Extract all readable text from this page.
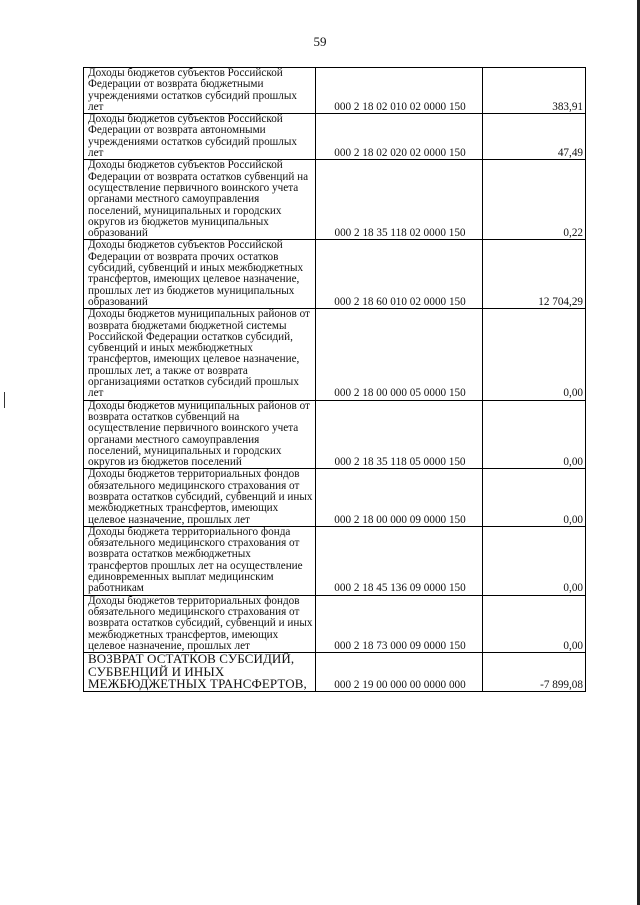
59
Доходы бюджетов субъектов Российской Федерации от возврата бюджетными учреждениями остатков субсидий прошлых лет	000 2 18 02 010 02 0000 150	383,91
Доходы бюджетов субъектов Российской Федерации от возврата автономными учреждениями остатков субсидий прошлых лет	000 2 18 02 020 02 0000 150	47,49
Доходы бюджетов субъектов Российской Федерации от возврата остатков субвенций на осуществление первичного воинского учета органами местного самоуправления поселений, муниципальных и городских округов из бюджетов муниципальных образований	000 2 18 35 118 02 0000 150	0,22
Доходы бюджетов субъектов Российской Федерации от возврата прочих остатков субсидий, субвенций и иных межбюджетных трансфертов, имеющих целевое назначение, прошлых лет из бюджетов муниципальных образований	000 2 18 60 010 02 0000 150	12 704,29
Доходы бюджетов муниципальных районов от возврата бюджетами бюджетной системы Российской Федерации остатков субсидий, субвенций и иных межбюджетных трансфертов, имеющих целевое назначение, прошлых лет, а также от возврата организациями остатков субсидий прошлых лет	000 2 18 00 000 05 0000 150	0,00
Доходы бюджетов муниципальных районов от возврата остатков субвенций на осуществление первичного воинского учета органами местного самоуправления поселений, муниципальных и городских округов из бюджетов поселений	000 2 18 35 118 05 0000 150	0,00
Доходы бюджетов территориальных фондов обязательного медицинского страхования от возврата остатков субсидий, субвенций и иных межбюджетных трансфертов, имеющих целевое назначение, прошлых лет	000 2 18 00 000 09 0000 150	0,00
Доходы бюджета территориального фонда обязательного медицинского страхования от возврата остатков межбюджетных трансфертов прошлых лет на осуществление единовременных выплат медицинским работникам	000 2 18 45 136 09 0000 150	0,00
Доходы бюджетов территориальных фондов обязательного медицинского страхования от возврата остатков субсидий, субвенций и иных межбюджетных трансфертов, имеющих целевое назначение, прошлых лет	000 2 18 73 000 09 0000 150	0,00
ВОЗВРАТ ОСТАТКОВ СУБСИДИЙ, СУБВЕНЦИЙ И ИНЫХ МЕЖБЮДЖЕТНЫХ ТРАНСФЕРТОВ,	000 2 19 00 000 00 0000 000	-7 899,08
